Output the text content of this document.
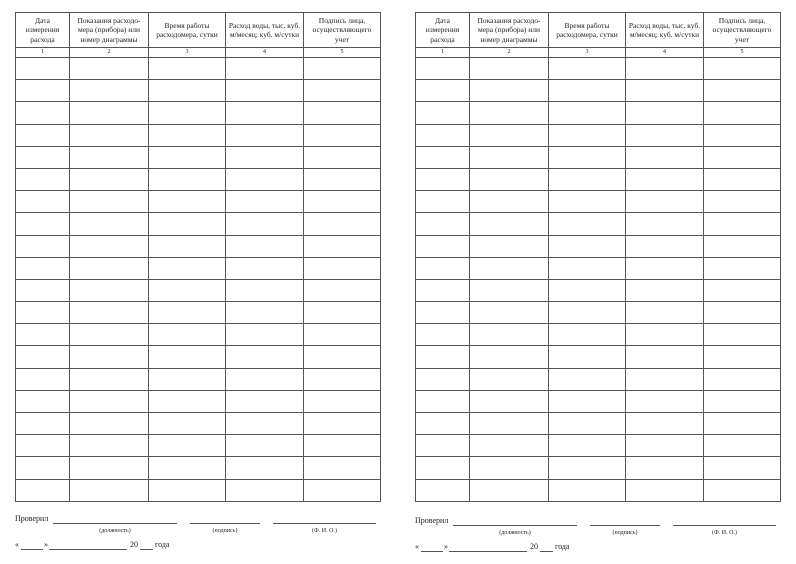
Дата измерения расхода	Показания расходо-мера (прибора) или номер диаграммы	Время работы расходомера, сутки	Расход воды, тыс. куб. м/месяц; куб. м/сутки	Подпись лица, осуществляющего учет
1	2	3	4	5

Проверил
(должность)	(подпись)	(Ф. И. О.)
«	»	20 года
Дата измерения расхода	Показания расходо-мера (прибора) или номер диаграммы	Время работы расходомера, сутки	Расход воды, тыс. куб. м/месяц; куб. м/сутки	Подпись лица, осуществляющего учет
1	2	3	4	5

Проверил
(должность)	(подпись)	(Ф. И. О.)
«	»	20 года
